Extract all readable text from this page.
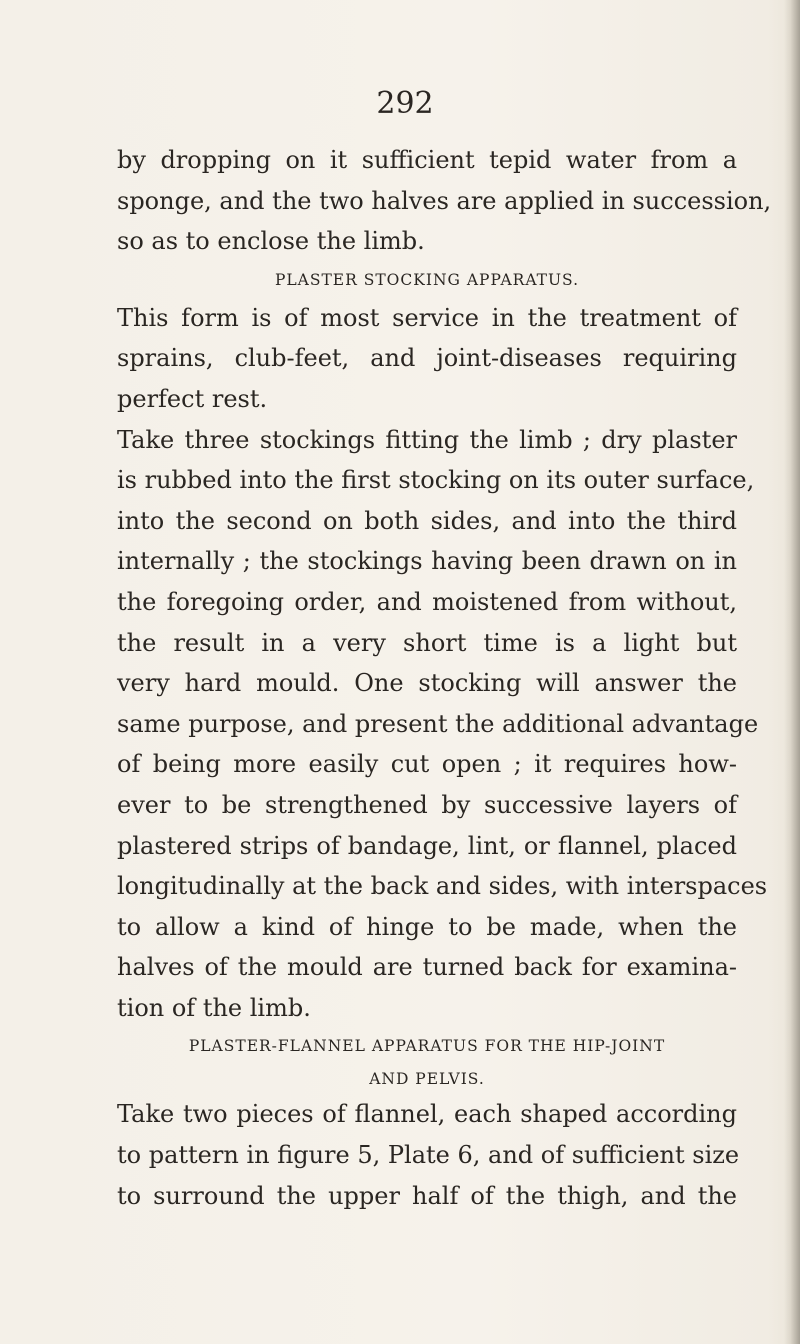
292
by dropping on it sufficient tepid water from a
sponge, and the two halves are applied in succession,
so as to enclose the limb.
PLASTER STOCKING APPARATUS.
This form is of most service in the treatment of
sprains, club-feet, and joint-diseases requiring
perfect rest.
Take three stockings fitting the limb ; dry plaster
is rubbed into the first stocking on its outer surface,
into the second on both sides, and into the third
internally ; the stockings having been drawn on in
the foregoing order, and moistened from without,
the result in a very short time is a light but
very hard mould. One stocking will answer the
same purpose, and present the additional advantage
of being more easily cut open ; it requires how-
ever to be strengthened by successive layers of
plastered strips of bandage, lint, or flannel, placed
longitudinally at the back and sides, with interspaces
to allow a kind of hinge to be made, when the
halves of the mould are turned back for examina-
tion of the limb.
PLASTER-FLANNEL APPARATUS FOR THE HIP-JOINT
AND PELVIS.
Take two pieces of flannel, each shaped according
to pattern in figure 5, Plate 6, and of sufficient size
to surround the upper half of the thigh, and the
